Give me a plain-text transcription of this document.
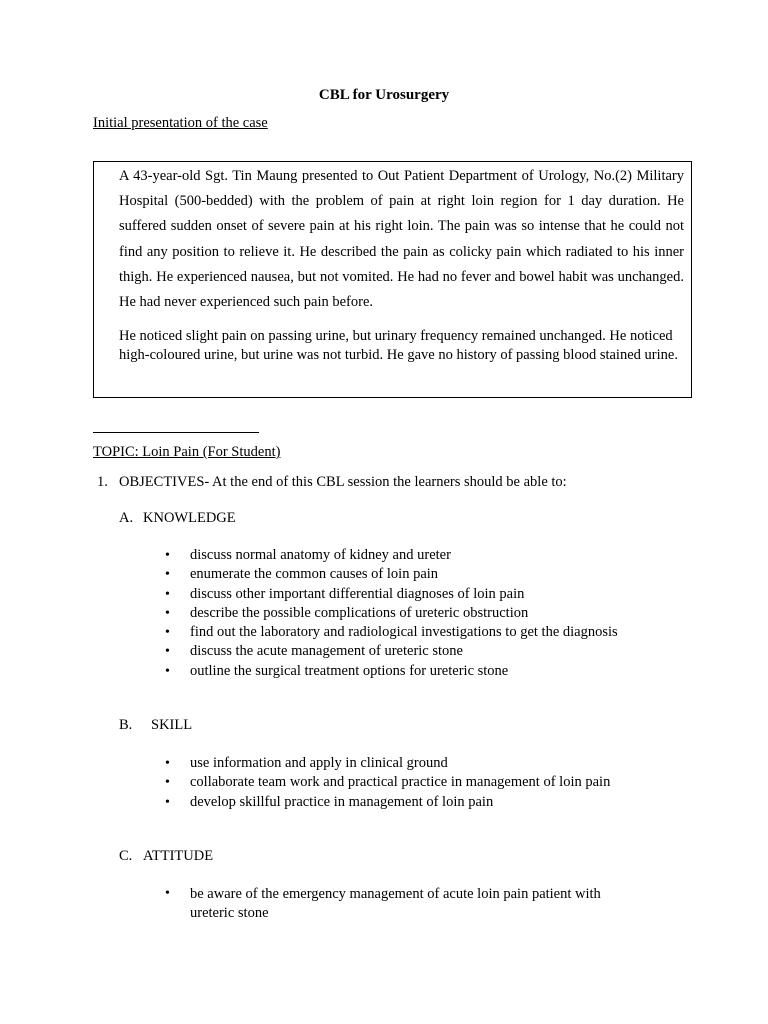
CBL for Urosurgery
Initial presentation of the case

A 43-year-old Sgt. Tin Maung presented to Out Patient Department of Urology, No.(2) Military Hospital (500-bedded) with the problem of pain at right loin region for 1 day duration. He suffered sudden onset of severe pain at his right loin. The pain was so intense that he could not find any position to relieve it. He described the pain as colicky pain which radiated to his inner thigh. He experienced nausea, but not vomited. He had no fever and bowel habit was unchanged. He had never experienced such pain before.

He noticed slight pain on passing urine, but urinary frequency remained unchanged. He noticed high-coloured urine, but urine was not turbid. He gave no history of passing blood stained urine.

TOPIC: Loin Pain (For Student)
1. OBJECTIVES- At the end of this CBL session the learners should be able to:
A. KNOWLEDGE
• discuss normal anatomy of kidney and ureter
• enumerate the common causes of loin pain
• discuss other important differential diagnoses of loin pain
• describe the possible complications of ureteric obstruction
• find out the laboratory and radiological investigations to get the diagnosis
• discuss the acute management of ureteric stone
• outline the surgical treatment options for ureteric stone
B. SKILL
• use information and apply in clinical ground
• collaborate team work and practical practice in management of loin pain
• develop skillful practice in management of loin pain
C. ATTITUDE
• be aware of the emergency management of acute loin pain patient with ureteric stone
